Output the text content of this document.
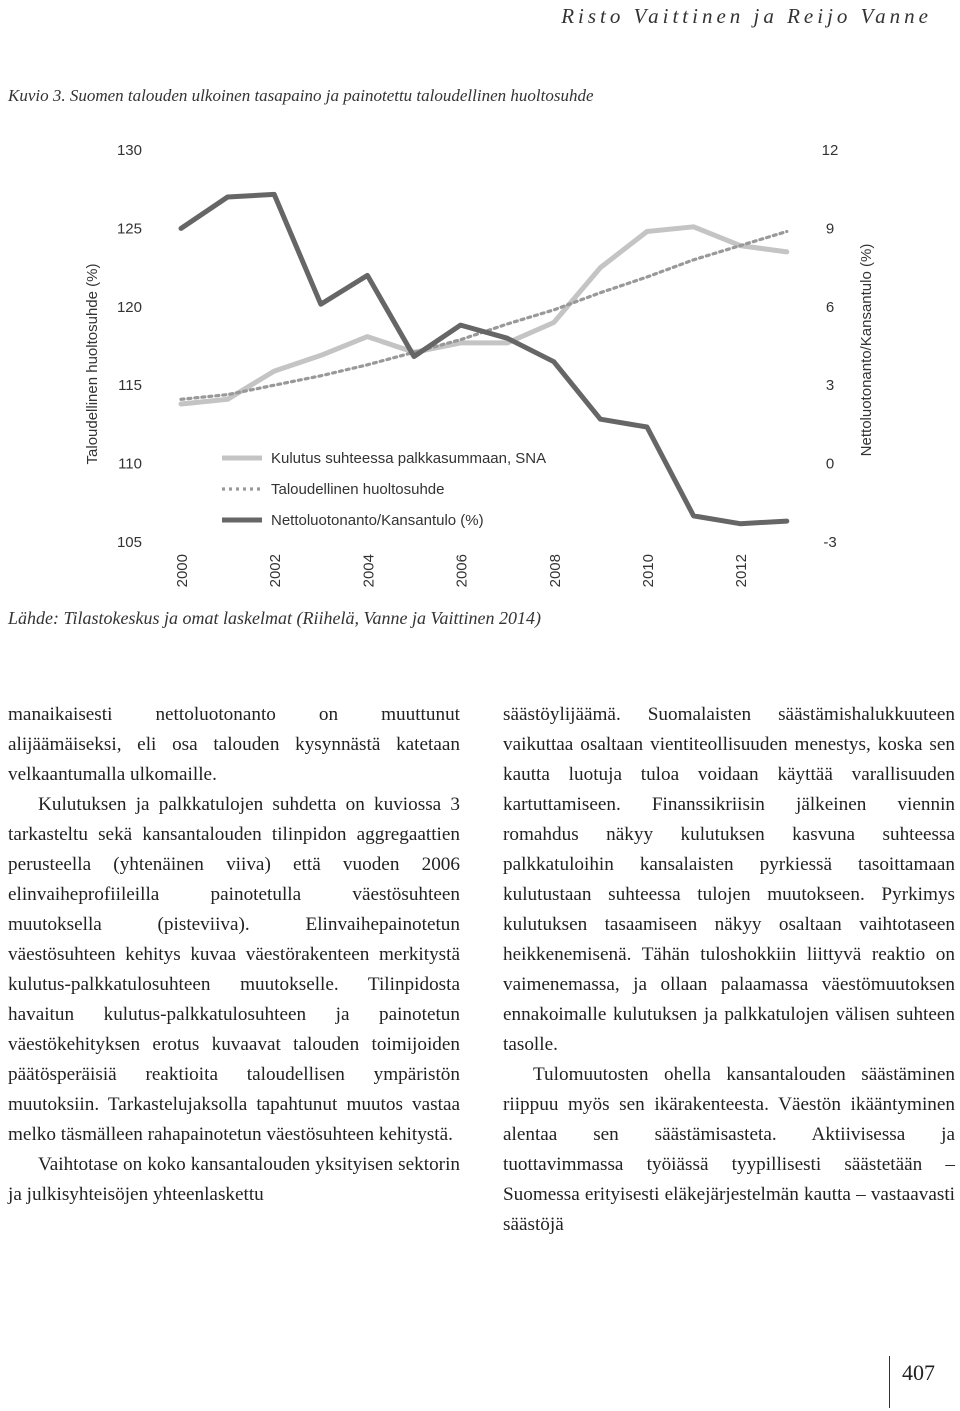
Risto Vaittinen ja Reijo Vanne
Kuvio 3. Suomen talouden ulkoinen tasapaino ja painotettu taloudellinen huoltosuhde
105
110
115
120
125
130
-3
0
3
6
9
12
2000	2002	2004	2006	2008	2010	2012
Kulutus suhteessa palkkasummaan, SNA
Taloudellinen huoltosuhde
Nettoluotonanto/Kansantulo (%)
Taloudellinen huoltosuhde (%)	Nettoluotonanto/Kansantulo (%)
Lähde: Tilastokeskus ja omat laskelmat (Riihelä, Vanne ja Vaittinen 2014)

manaikaisesti nettoluotonanto on muuttunut alijäämäiseksi, eli osa talouden kysynnästä katetaan velkaantumalla ulkomaille.

Kulutuksen ja palkkatulojen suhdetta on kuviossa 3 tarkasteltu sekä kansantalouden tilinpidon aggregaattien perusteella (yhtenäinen viiva) että vuoden 2006 elinvaiheprofiileilla painotetulla väestösuhteen muutoksella (pisteviiva). Elinvaihepainotetun väestösuhteen kehitys kuvaa väestörakenteen merkitystä kulutus-palkkatulosuhteen muutokselle. Tilinpidosta havaitun kulutus-palkkatulosuhteen ja painotetun väestökehityksen erotus kuvaavat talouden toimijoiden päätösperäisiä reaktioita taloudellisen ympäristön muutoksiin. Tarkastelujaksolla tapahtunut muutos vastaa melko täsmälleen rahapainotetun väestösuhteen kehitystä.

Vaihtotase on koko kansantalouden yksityisen sektorin ja julkisyhteisöjen yhteenlaskettu

säästöylijäämä. Suomalaisten säästämishalukkuuteen vaikuttaa osaltaan vientiteollisuuden menestys, koska sen kautta luotuja tuloa voidaan käyttää varallisuuden kartuttamiseen. Finanssikriisin jälkeinen viennin romahdus näkyy kulutuksen kasvuna suhteessa palkkatuloihin kansalaisten pyrkiessä tasoittamaan kulutustaan suhteessa tulojen muutokseen. Pyrkimys kulutuksen tasaamiseen näkyy osaltaan vaihtotaseen heikkenemisenä. Tähän tuloshokkiin liittyvä reaktio on vaimenemassa, ja ollaan palaamassa väestömuutoksen ennakoimalle kulutuksen ja palkkatulojen välisen suhteen tasolle.

Tulomuutosten ohella kansantalouden säästäminen riippuu myös sen ikärakenteesta. Väestön ikääntyminen alentaa sen säästämisasteta. Aktiivisessa ja tuottavimmassa työiässä tyypillisesti säästetään – Suomessa erityisesti eläkejärjestelmän kautta – vastaavasti säästöjä

407
